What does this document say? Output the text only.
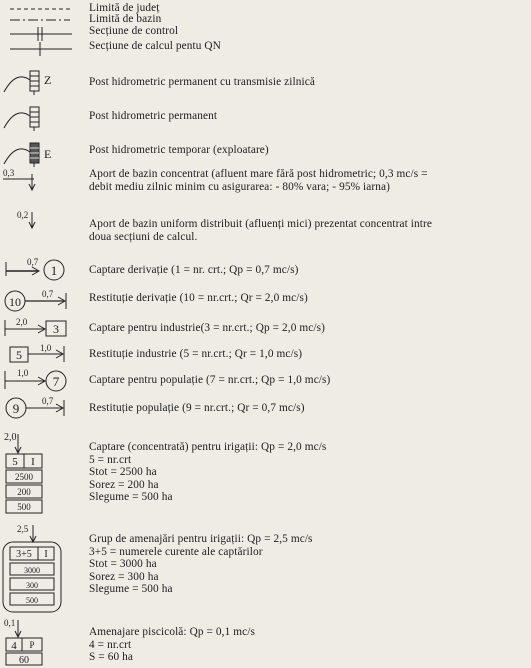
Limită de județ
Limită de bazin
Secțiune de control
Secțiune de calcul pentu QN
Z	Post hidrometric permanent cu transmisie zilnică
Post hidrometric permanent
E	Post hidrometric temporar (exploatare)
0,3	Aport de bazin concentrat (afluent mare fără post hidrometric; 0,3 mc/s =
debit mediu zilnic minim cu asigurarea: - 80% vara; - 95% iarna)
0,2
Aport de bazin uniform distribuit (afluenți mici) prezentat concentrat intre
doua secțiuni de calcul.
0,7
1	Captare derivație (1 = nr. crt.; Qp = 0,7 mc/s)
10
0,7	Restituție derivație (10 = nr.crt.; Qr = 2,0 mc/s)
2,0 3	Captare pentru industrie(3 = nr.crt.; Qp = 2,0 mc/s)
5 1,0	Restituție industrie (5 = nr.crt.; Qr = 1,0 mc/s)
1,0
7	Captare pentru populație (7 = nr.crt.; Qp = 1,0 mc/s)
9	0,7
Restituție populație (9 = nr.crt.; Qr = 0,7 mc/s)
2,0
5 I
2500
200
500
Captare (concentrată) pentru irigații: Qp = 2,0 mc/s
5 = nr.crt
Stot = 2500 ha
Sorez = 200 ha
Slegume = 500 ha
2,5
3+5 I
3000
300
500
Grup de amenajări pentru irigații: Qp = 2,5 mc/s
3+5 = numerele curente ale captărilor
Stot = 3000 ha
Sorez = 300 ha
Slegume = 500 ha
0,1
4 P
60
Amenajare piscicolă: Qp = 0,1 mc/s
4 = nr.crt
S = 60 ha
